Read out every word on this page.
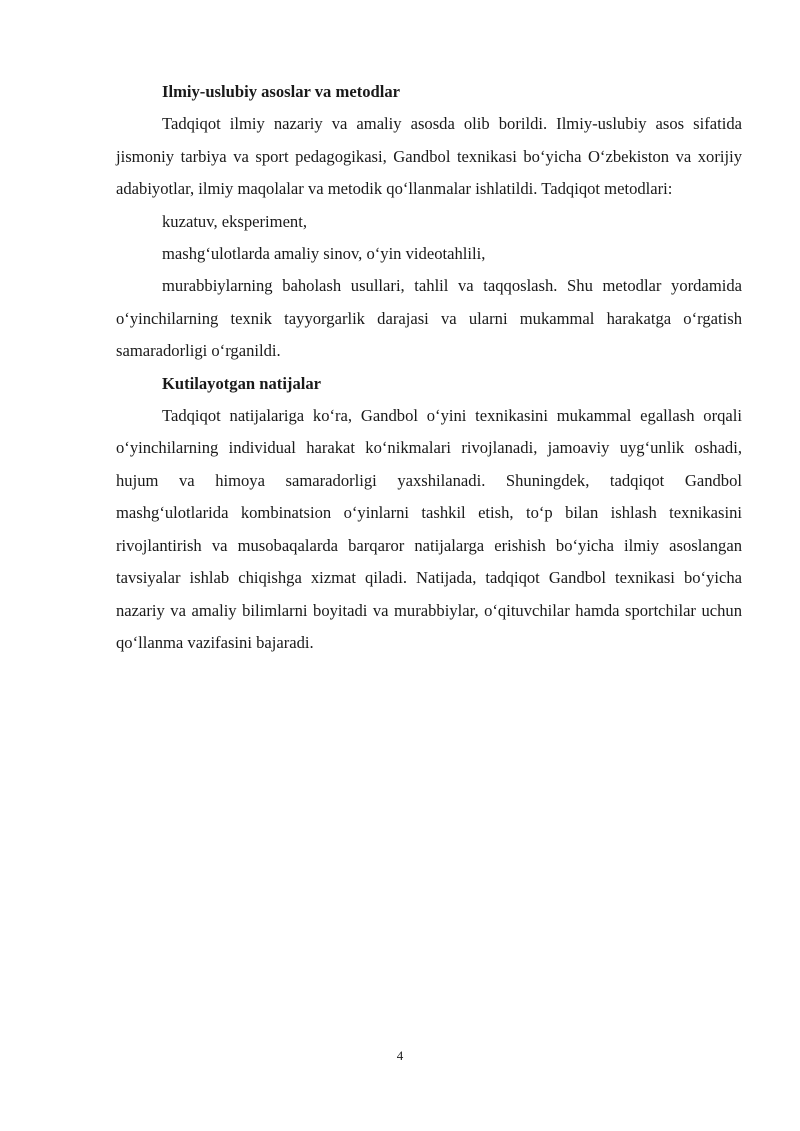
Ilmiy-uslubiy asoslar va metodlar

Tadqiqot ilmiy nazariy va amaliy asosda olib borildi. Ilmiy-uslubiy asos sifatida jismoniy tarbiya va sport pedagogikasi, Gandbol texnikasi bo‘yicha O‘zbekiston va xorijiy adabiyotlar, ilmiy maqolalar va metodik qo‘llanmalar ishlatildi. Tadqiqot metodlari:

kuzatuv, eksperiment,

mashg‘ulotlarda amaliy sinov, o‘yin videotahlili,

murabbiylarning baholash usullari, tahlil va taqqoslash. Shu metodlar yordamida o‘yinchilarning texnik tayyorgarlik darajasi va ularni mukammal harakatga o‘rgatish samaradorligi o‘rganildi.

Kutilayotgan natijalar

Tadqiqot natijalariga ko‘ra, Gandbol o‘yini texnikasini mukammal egallash orqali o‘yinchilarning individual harakat ko‘nikmalari rivojlanadi, jamoaviy uyg‘unlik oshadi, hujum va himoya samaradorligi yaxshilanadi. Shuningdek, tadqiqot Gandbol mashg‘ulotlarida kombinatsion o‘yinlarni tashkil etish, to‘p bilan ishlash texnikasini rivojlantirish va musobaqalarda barqaror natijalarga erishish bo‘yicha ilmiy asoslangan tavsiyalar ishlab chiqishga xizmat qiladi. Natijada, tadqiqot Gandbol texnikasi bo‘yicha nazariy va amaliy bilimlarni boyitadi va murabbiylar, o‘qituvchilar hamda sportchilar uchun qo‘llanma vazifasini bajaradi.

4
